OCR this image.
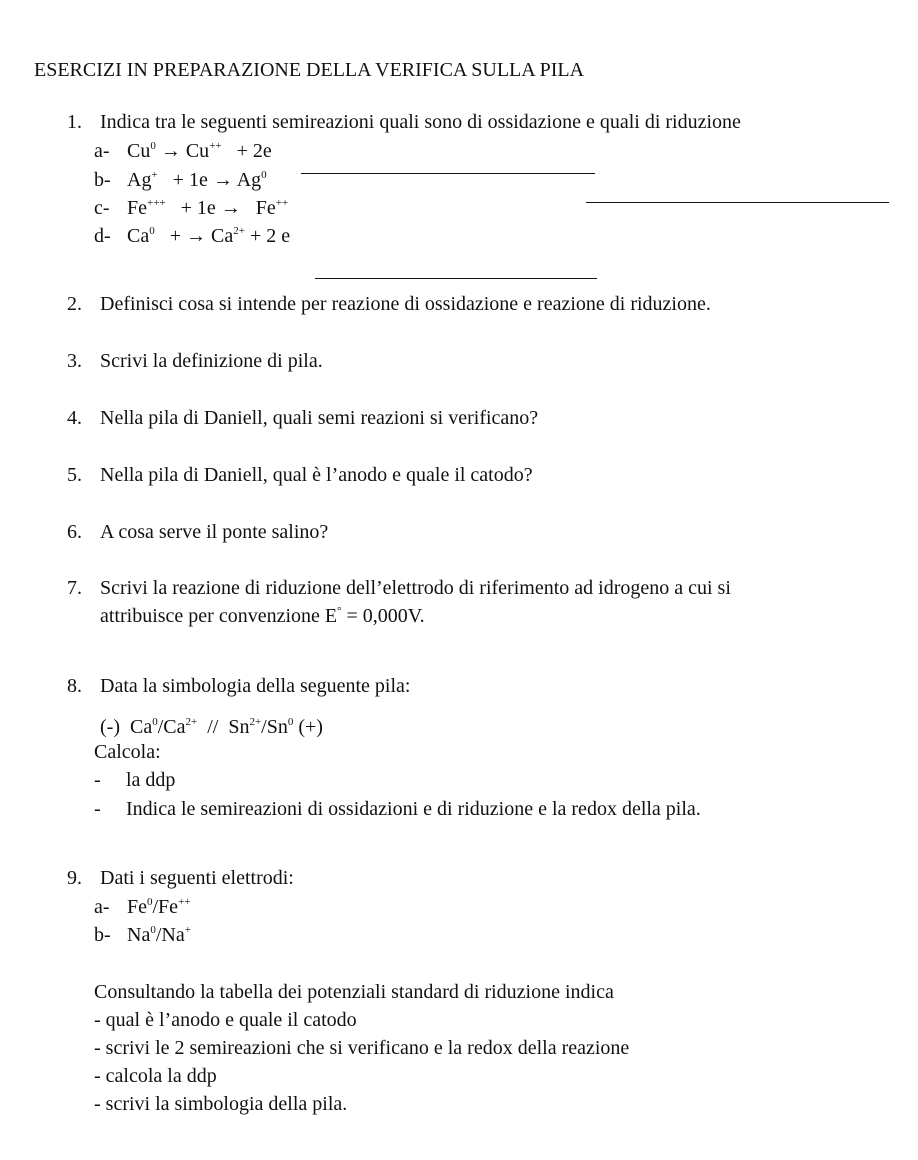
ESERCIZI IN PREPARAZIONE DELLA VERIFICA SULLA PILA
1. Indica tra le seguenti semireazioni quali sono di ossidazione e quali di riduzione
a- $Cu^0 \to Cu^{++} + 2e$

b- $Ag^+ + 1e \to Ag^0$

c- Fe+++   + 1e →   Fe++

d- Ca$^0$   + → $Ca^{2+} + 2$ e
2. Definisci cosa si intende per reazione di ossidazione e reazione di riduzione.
3. Scrivi la definizione di pila.
4. Nella pila di Daniell, quali semi reazioni si verificano?
5. Nella pila di Daniell, qual è l’anodo e quale il catodo?
6. A cosa serve il ponte salino?
7. Scrivi la reazione di riduzione dell’elettrodo di riferimento ad idrogeno a cui si
attribuisce per convenzione E° = 0,000V.
8. Data la simbologia della seguente pila:
(-)  $Ca^0/Ca^{2+} // Sn^{2+}/Sn^0$ (+)
Calcola:
- la ddp
- Indica le semireazioni di ossidazioni e di riduzione e la redox della pila.
9. Dati i seguenti elettrodi:
a- Fe$^0$/Fe++
b- Na$^0$/Na+
Consultando la tabella dei potenziali standard di riduzione indica
- qual è l’anodo e quale il catodo
- scrivi le 2 semireazioni che si verificano e la redox della reazione
- calcola la ddp
- scrivi la simbologia della pila.
